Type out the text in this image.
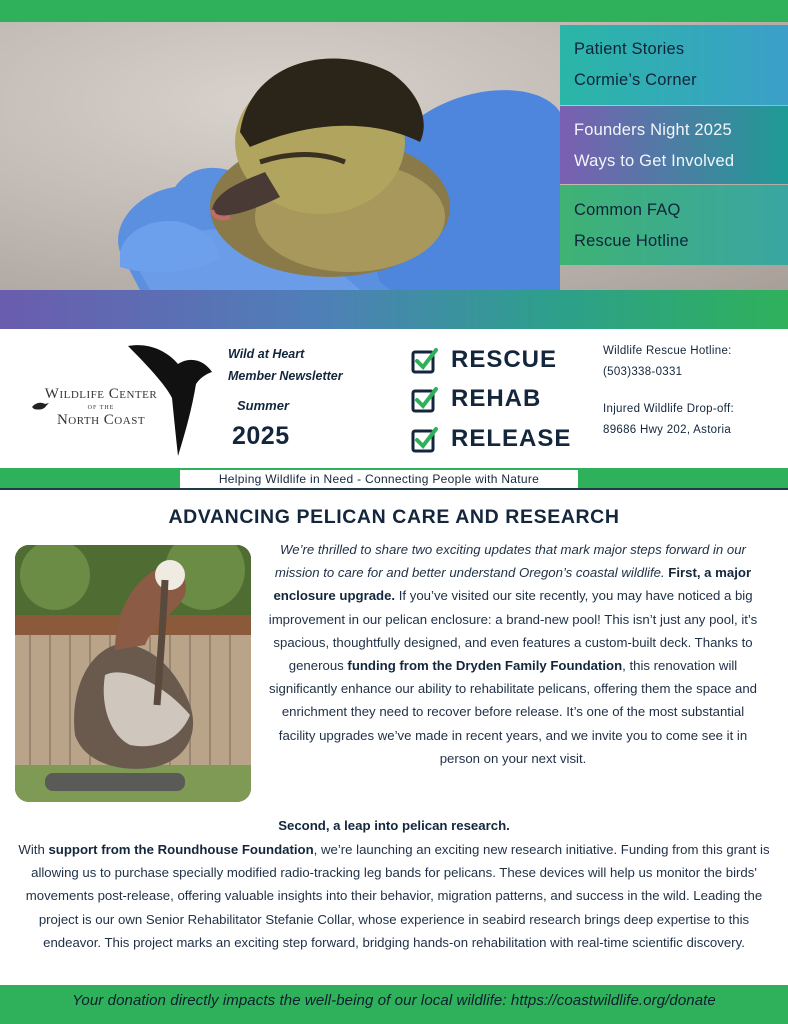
Patient Stories
Cormie’s Corner
Founders Night 2025
Ways to Get Involved
Common FAQ
Rescue Hotline
Wildlife Center
OF THE
North Coast
Wild at Heart
Member Newsletter
Summer
2025
RESCUE
REHAB
RELEASE
Wildlife Rescue Hotline:
(503)338-0331
Injured Wildlife Drop-off:
89686 Hwy 202, Astoria
Helping Wildlife in Need - Connecting People with Nature
ADVANCING PELICAN CARE AND RESEARCH
We’re thrilled to share two exciting updates that mark major steps forward in our mission to care for and better understand Oregon’s coastal wildlife. First, a major enclosure upgrade. If you’ve visited our site recently, you may have noticed a big improvement in our pelican enclosure: a brand-new pool! This isn’t just any pool, it’s spacious, thoughtfully designed, and even features a custom-built deck. Thanks to generous funding from the Dryden Family Foundation, this renovation will significantly enhance our ability to rehabilitate pelicans, offering them the space and enrichment they need to recover before release. It’s one of the most substantial facility upgrades we’ve made in recent years, and we invite you to come see it in person on your next visit.
Second, a leap into pelican research.
With support from the Roundhouse Foundation, we’re launching an exciting new research initiative. Funding from this grant is allowing us to purchase specially modified radio-tracking leg bands for pelicans. These devices will help us monitor the birds' movements post-release, offering valuable insights into their behavior, migration patterns, and success in the wild. Leading the project is our own Senior Rehabilitator Stefanie Collar, whose experience in seabird research brings deep expertise to this endeavor. This project marks an exciting step forward, bridging hands-on rehabilitation with real-time scientific discovery.
Your donation directly impacts the well-being of our local wildlife: https://coastwildlife.org/donate
